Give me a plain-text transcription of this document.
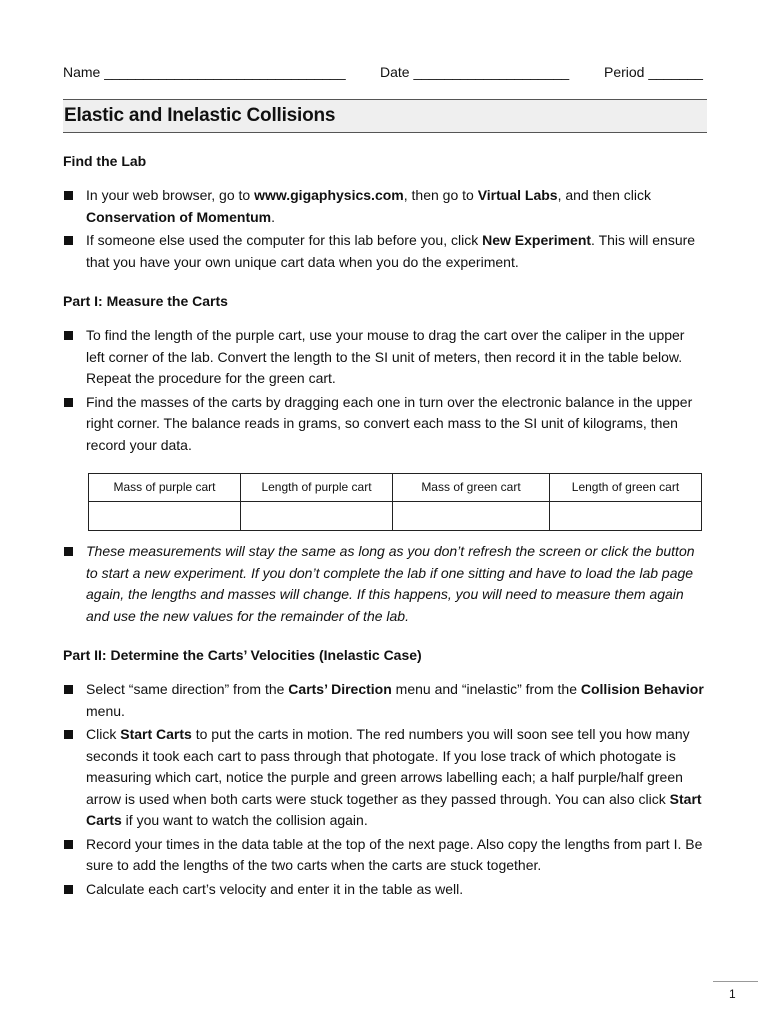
Name _______________________________ Date ____________________ Period _______
Elastic and Inelastic Collisions
Find the Lab
In your web browser, go to www.gigaphysics.com, then go to Virtual Labs, and then click Conservation of Momentum.
If someone else used the computer for this lab before you, click New Experiment. This will ensure that you have your own unique cart data when you do the experiment.
Part I: Measure the Carts
To find the length of the purple cart, use your mouse to drag the cart over the caliper in the upper left corner of the lab. Convert the length to the SI unit of meters, then record it in the table below. Repeat the procedure for the green cart.
Find the masses of the carts by dragging each one in turn over the electronic balance in the upper right corner. The balance reads in grams, so convert each mass to the SI unit of kilograms, then record your data.
Mass of purple cart	Length of purple cart	Mass of green cart	Length of green cart

These measurements will stay the same as long as you don’t refresh the screen or click the button to start a new experiment. If you don’t complete the lab if one sitting and have to load the lab page again, the lengths and masses will change. If this happens, you will need to measure them again and use the new values for the remainder of the lab.
Part II: Determine the Carts’ Velocities (Inelastic Case)
Select “same direction” from the Carts’ Direction menu and “inelastic” from the Collision Behavior menu.
Click Start Carts to put the carts in motion. The red numbers you will soon see tell you how many seconds it took each cart to pass through that photogate. If you lose track of which photogate is measuring which cart, notice the purple and green arrows labelling each; a half purple/half green arrow is used when both carts were stuck together as they passed through. You can also click Start Carts if you want to watch the collision again.
Record your times in the data table at the top of the next page. Also copy the lengths from part I. Be sure to add the lengths of the two carts when the carts are stuck together.
Calculate each cart’s velocity and enter it in the table as well.
1
